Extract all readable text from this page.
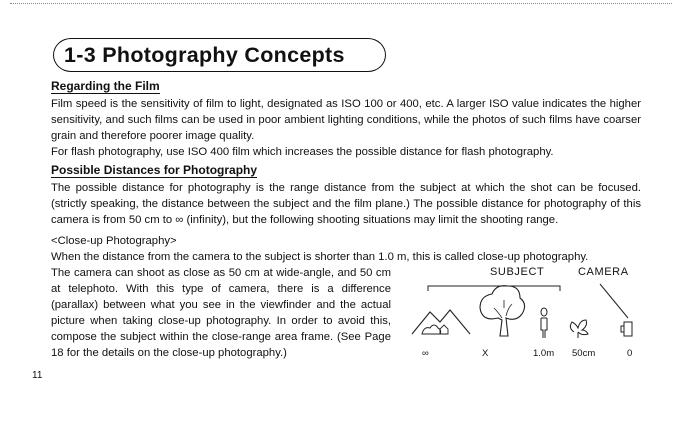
1-3 Photography Concepts
Regarding the Film
Film speed is the sensitivity of film to light, designated as ISO 100 or 400, etc. A larger ISO value indicates the higher sensitivity, and such films can be used in poor ambient lighting conditions, while the photos of such films have coarser grain and therefore poorer image quality.
For flash photography, use ISO 400 film which increases the possible distance for flash photography.
Possible Distances for Photography
The possible distance for photography is the range distance from the subject at which the shot can be focused. (strictly speaking, the distance between the subject and the film plane.) The possible distance for photography of this camera is from 50 cm to ∞ (infinity), but the following shooting situations may limit the shooting range.
<Close-up Photography>
When the distance from the camera to the subject is shorter than 1.0 m, this is called close-up photography.
The camera can shoot as close as 50 cm at wide-angle, and 50 cm at telephoto. With this type of camera, there is a difference (parallax) between what you see in the viewfinder and the actual picture when taking close-up photography. In order to avoid this, compose the subject within the close-range area frame. (See Page 18 for the details on the close-up photography.)
SUBJECT	CAMERA
∞	X	1.0m 50cm	0
11
